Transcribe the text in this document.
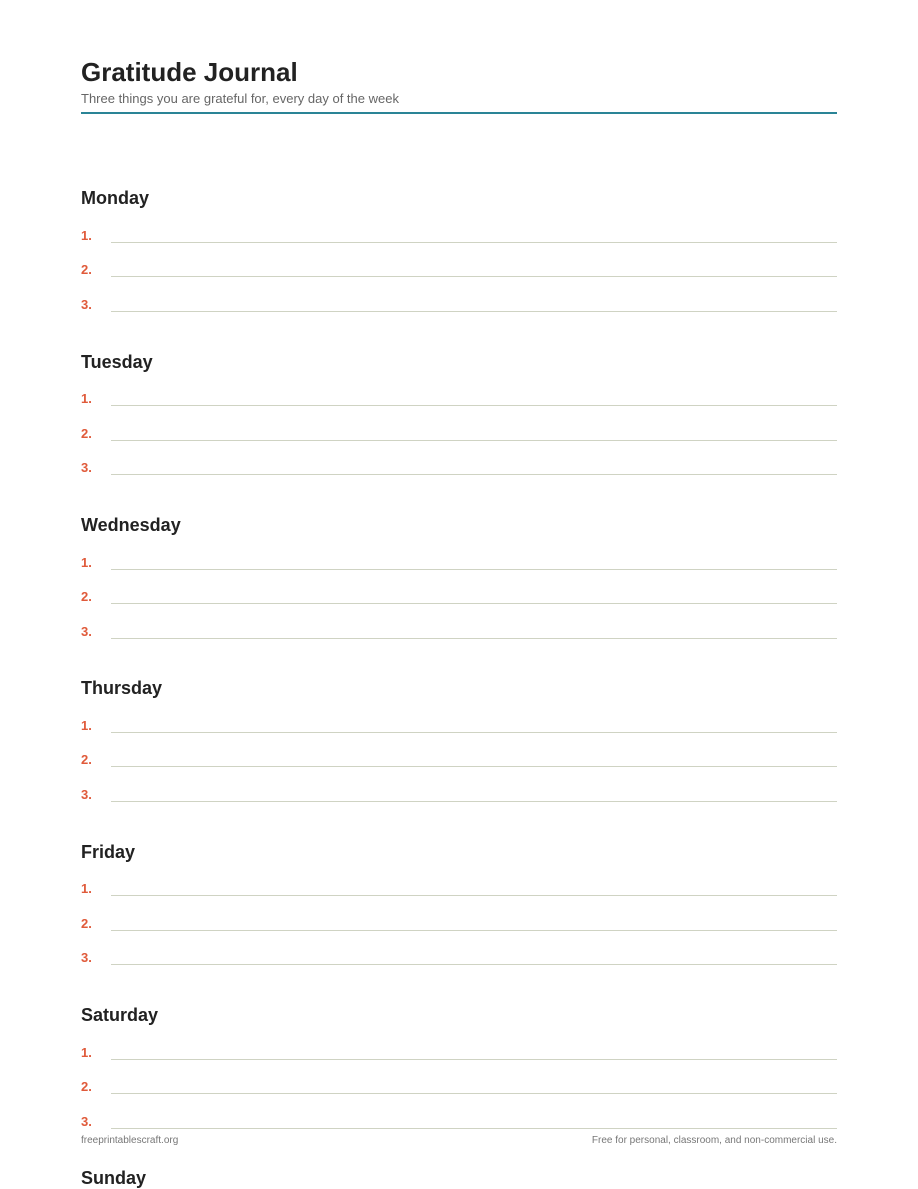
Gratitude Journal
Three things you are grateful for, every day of the week
Monday
1.
2.
3.
Tuesday
1.
2.
3.
Wednesday
1.
2.
3.
Thursday
1.
2.
3.
Friday
1.
2.
3.
Saturday
1.
2.
3.
freeprintablescraft.org	Free for personal, classroom, and non-commercial use.
Sunday
